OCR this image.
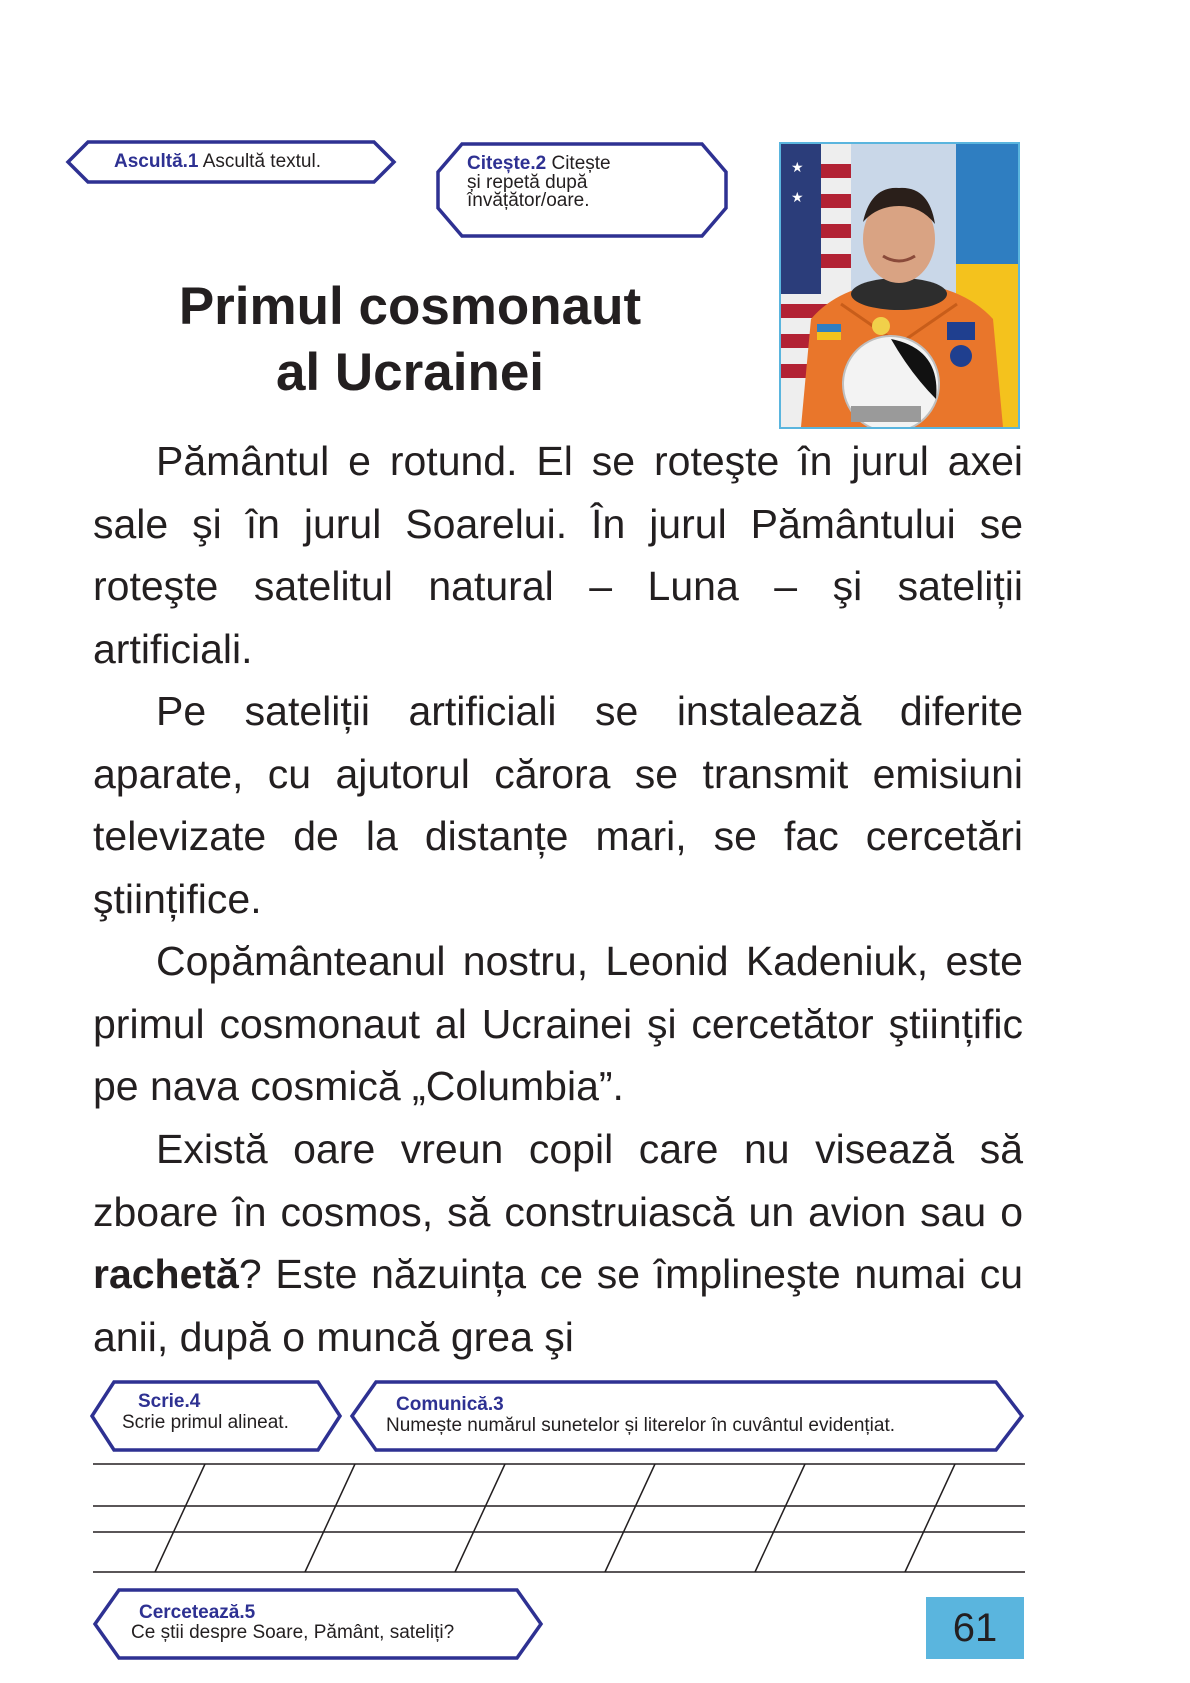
Ascultă.1 Ascultă textul.	Citește.2 Citește
și repetă după
învățător/oare.
Primul cosmonaut
al Ucrainei
★
★

Pământul e rotund. El se roteşte în jurul axei sale şi în jurul Soarelui. În jurul Pământului se roteşte satelitul natural – Luna – şi sateliții artificiali.

Pe sateliții artificiali se instalează diferite aparate, cu ajutorul cărora se transmit emisiuni televizate de la distanțe mari, se fac cercetări ştiințifice.

Copământeanul nostru, Leonid Kadeniuk, este primul cosmonaut al Ucrainei şi cercetător ştiințific pe nava cosmică „Columbia”.

Există oare vreun copil care nu visează să zboare în cosmos, să construiască un avion sau o rachetă? Este năzuința ce se împlineşte numai cu anii, după o muncă grea şi

Scrie.4
Scrie primul alineat.
Comunică.3
Numește numărul sunetelor și literelor în cuvântul evidențiat.
Cercetează.5
Ce știi despre Soare, Pământ, sateliți?	61
